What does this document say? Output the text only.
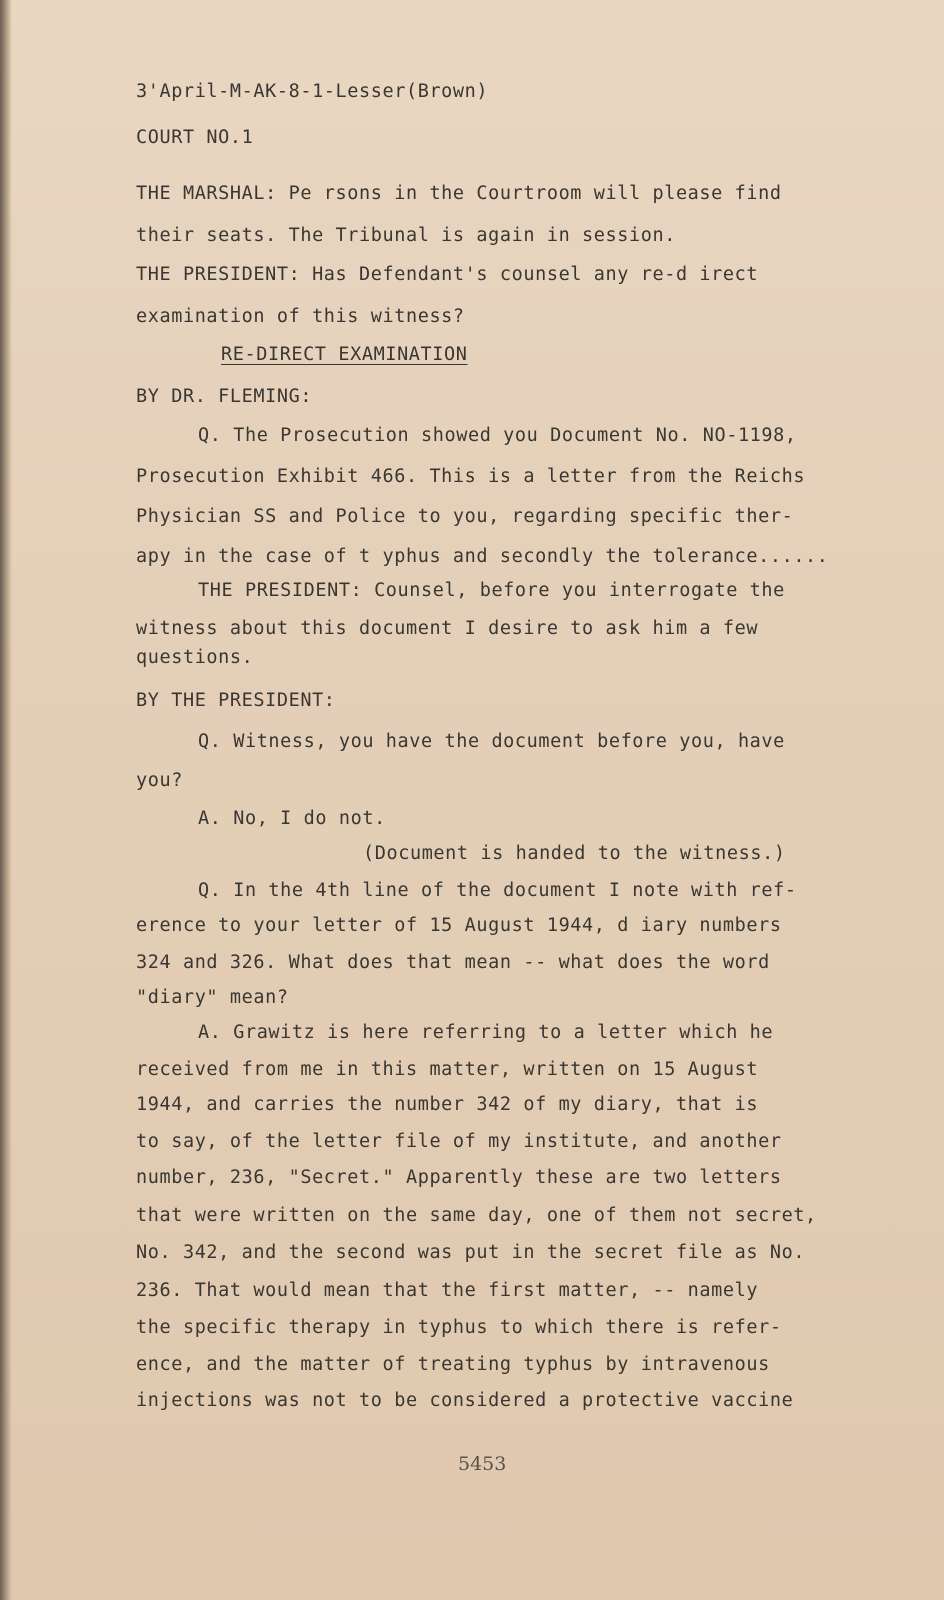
3'April-M-AK-8-1-Lesser(Brown)
COURT NO.1
THE MARSHAL: Pe rsons in the Courtroom will please find
their seats. The Tribunal is again in session.
THE PRESIDENT: Has Defendant's counsel any re-d irect
examination of this witness?
RE-DIRECT EXAMINATION
BY DR. FLEMING:
Q. The Prosecution showed you Document No. NO-1198,
Prosecution Exhibit 466. This is a letter from the Reichs
Physician SS and Police to you, regarding specific ther-
apy in the case of t yphus and secondly the tolerance......
THE PRESIDENT: Counsel, before you interrogate the
witness about this document I desire to ask him a few
questions.
BY THE PRESIDENT:
Q. Witness, you have the document before you, have
you?
A. No, I do not.
(Document is handed to the witness.)
Q. In the 4th line of the document I note with ref-
erence to your letter of 15 August 1944, d iary numbers
324 and 326. What does that mean -- what does the word
"diary" mean?
A. Grawitz is here referring to a letter which he
received from me in this matter, written on 15 August
1944, and carries the number 342 of my diary, that is
to say, of the letter file of my institute, and another
number, 236, "Secret." Apparently these are two letters
that were written on the same day, one of them not secret,
No. 342, and the second was put in the secret file as No.
236. That would mean that the first matter, -- namely
the specific therapy in typhus to which there is refer-
ence, and the matter of treating typhus by intravenous
injections was not to be considered a protective vaccine
5453
